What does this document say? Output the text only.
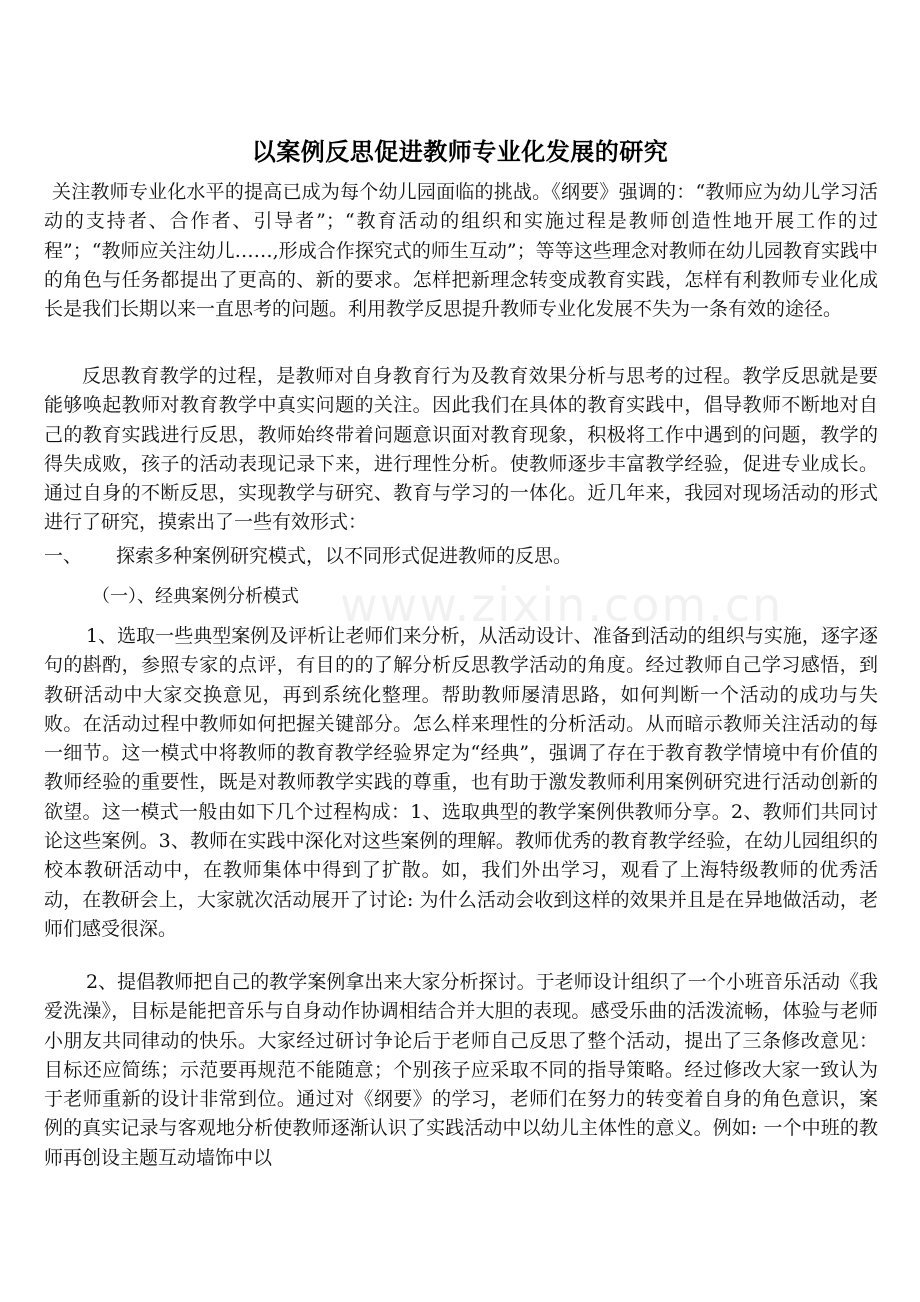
www.zixin.com.cn
以案例反思促进教师专业化发展的研究

关注教师专业化水平的提高已成为每个幼儿园面临的挑战。《纲要》强调的：“教师应为幼儿学习活动的支持者、合作者、引导者”；“教育活动的组织和实施过程是教师创造性地开展工作的过程”；“教师应关注幼儿……,形成合作探究式的师生互动”；等等这些理念对教师在幼儿园教育实践中的角色与任务都提出了更高的、新的要求。怎样把新理念转变成教育实践，怎样有利教师专业化成长是我们长期以来一直思考的问题。利用教学反思提升教师专业化发展不失为一条有效的途径。

反思教育教学的过程，是教师对自身教育行为及教育效果分析与思考的过程。教学反思就是要能够唤起教师对教育教学中真实问题的关注。因此我们在具体的教育实践中，倡导教师不断地对自己的教育实践进行反思，教师始终带着问题意识面对教育现象，积极将工作中遇到的问题，教学的得失成败，孩子的活动表现记录下来，进行理性分析。使教师逐步丰富教学经验，促进专业成长。通过自身的不断反思，实现教学与研究、教育与学习的一体化。近几年来，我园对现场活动的形式进行了研究，摸索出了一些有效形式：

一、 探索多种案例研究模式，以不同形式促进教师的反思。

（一）、经典案例分析模式

1、选取一些典型案例及评析让老师们来分析，从活动设计、准备到活动的组织与实施，逐字逐句的斟酌，参照专家的点评，有目的的了解分析反思教学活动的角度。经过教师自己学习感悟，到教研活动中大家交换意见，再到系统化整理。帮助教师屡清思路，如何判断一个活动的成功与失败。在活动过程中教师如何把握关键部分。怎么样来理性的分析活动。从而暗示教师关注活动的每一细节。这一模式中将教师的教育教学经验界定为“经典”，强调了存在于教育教学情境中有价值的教师经验的重要性，既是对教师教学实践的尊重，也有助于激发教师利用案例研究进行活动创新的欲望。这一模式一般由如下几个过程构成：1、选取典型的教学案例供教师分享。2、教师们共同讨论这些案例。3、教师在实践中深化对这些案例的理解。教师优秀的教育教学经验，在幼儿园组织的校本教研活动中，在教师集体中得到了扩散。如，我们外出学习，观看了上海特级教师的优秀活动，在教研会上，大家就次活动展开了讨论: 为什么活动会收到这样的效果并且是在异地做活动，老师们感受很深。

2、提倡教师把自己的教学案例拿出来大家分析探讨。于老师设计组织了一个小班音乐活动《我爱洗澡》，目标是能把音乐与自身动作协调相结合并大胆的表现。感受乐曲的活泼流畅，体验与老师小朋友共同律动的快乐。大家经过研讨争论后于老师自己反思了整个活动，提出了三条修改意见：目标还应简练；示范要再规范不能随意；个别孩子应采取不同的指导策略。经过修改大家一致认为于老师重新的设计非常到位。通过对《纲要》的学习，老师们在努力的转变着自身的角色意识，案例的真实记录与客观地分析使教师逐渐认识了实践活动中以幼儿主体性的意义。例如: 一个中班的教师再创设主题互动墙饰中以
